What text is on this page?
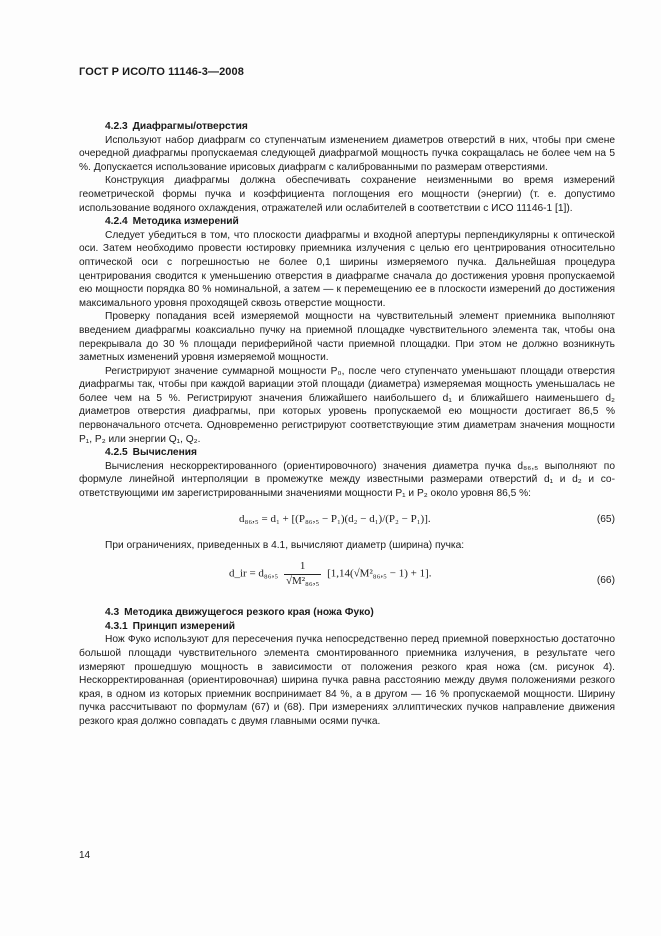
ГОСТ Р ИСО/ТО 11146-3—2008

4.2.3 Диафрагмы/отверстия

Используют набор диафрагм со ступенчатым изменением диаметров отверстий в них, чтобы при смене очередной диафрагмы пропускаемая следующей диафрагмой мощность пучка сокращалась не более чем на 5 %. Допускается использование ирисовых диафрагм с калиброванными по размерам отверстиями.

Конструкция диафрагмы должна обеспечивать сохранение неизменными во время измерений геометрической формы пучка и коэффициента поглощения его мощности (энергии) (т. е. допустимо использование водяного охлаждения, отражателей или ослабителей в соответствии с ИСО 11146-1 [1]).

4.2.4 Методика измерений

Следует убедиться в том, что плоскости диафрагмы и входной апертуры перпендикулярны к оптической оси. Затем необходимо провести юстировку приемника излучения с целью его центрирования относительно оптической оси с погрешностью не более 0,1 ширины измеряемого пучка. Дальнейшая процедура центрирования сводится к уменьшению отверстия в диафрагме сначала до достижения уровня пропускаемой ею мощности порядка 80 % номинальной, а затем — к перемещению ее в плоскости измерений до достижения максимального уровня проходящей сквозь отверстие мощности.

Проверку попадания всей измеряемой мощности на чувствительный элемент приемника выполняют введением диафрагмы коаксиально пучку на приемной площадке чувствительного элемента так, чтобы она перекрывала до 30 % площади периферийной части приемной площадки. При этом не должно возникнуть заметных изменений уровня измеряемой мощности.

Регистрируют значение суммарной мощности P₀, после чего ступенчато уменьшают площади отверстия диафрагмы так, чтобы при каждой вариации этой площади (диаметра) измеряемая мощность уменьшалась не более чем на 5 %. Регистрируют значения ближайшего наибольшего d₁ и ближайшего наименьшего d₂ диаметров отверстия диафрагмы, при которых уровень пропускаемой ею мощности достигает 86,5 % первоначального отсчета. Одновременно регистрируют соответствующие этим диаметрам значения мощности P₁, P₂ или энергии Q₁, Q₂.

4.2.5 Вычисления

Вычисления нескорректированного (ориентировочного) значения диаметра пучка d₈₆,₅ выполняют по формуле линейной интерполяции в промежутке между известными размерами отверстий d₁ и d₂ и соответствующими им зарегистрированными значениями мощности P₁ и P₂ около уровня 86,5 %:

d₈₆,₅ = d₁ + [(P₈₆,₅ − P₁)(d₂ − d₁)/(P₂ − P₁)].	(65)

При ограничениях, приведенных в 4.1, вычисляют диаметр (ширина) пучка:

d_ir = $d_{86},_5 \frac{1}{\text{√M²₈₆,₅}} [1,14(√M^2_{86},_5 - 1) + 1]$.
(66)

4.3 Методика движущегося резкого края (ножа Фуко)

4.3.1 Принцип измерений

Нож Фуко используют для пересечения пучка непосредственно перед приемной поверхностью достаточно большой площади чувствительного элемента смонтированного приемника излучения, в результате чего измеряют прошедшую мощность в зависимости от положения резкого края ножа (см. рисунок 4). Нескорректированная (ориентировочная) ширина пучка равна расстоянию между двумя положениями резкого края, в одном из которых приемник воспринимает 84 %, а в другом — 16 % пропускаемой мощности. Ширину пучка рассчитывают по формулам (67) и (68). При измерениях эллиптических пучков направление движения резкого края должно совпадать с двумя главными осями пучка.

14
